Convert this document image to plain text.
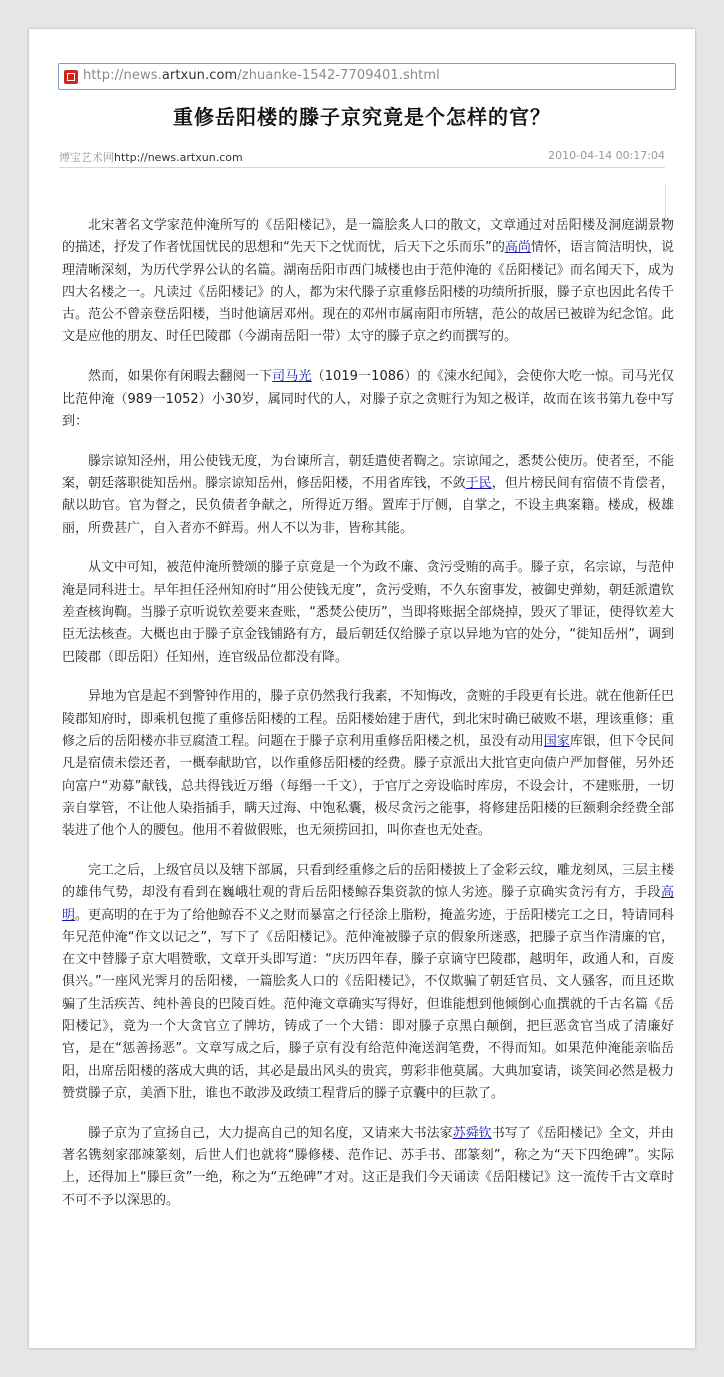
http://news.artxun.com/zhuanke-1542-7709401.shtml
重修岳阳楼的滕子京究竟是个怎样的官？
博宝艺术网http://news.artxun.com	2010-04-14 00:17:04

北宋著名文学家范仲淹所写的《岳阳楼记》，是一篇脍炙人口的散文，文章通过对岳阳楼及洞庭湖景物的描述，抒发了作者忧国忧民的思想和“先天下之忧而忧，后天下之乐而乐”的高尚情怀，语言简洁明快，说理清晰深刻，为历代学界公认的名篇。湖南岳阳市西门城楼也由于范仲淹的《岳阳楼记》而名闻天下，成为四大名楼之一。凡读过《岳阳楼记》的人，都为宋代滕子京重修岳阳楼的功绩所折服，滕子京也因此名传千古。范公不曾亲登岳阳楼，当时他谪居邓州。现在的邓州市属南阳市所辖，范公的故居已被辟为纪念馆。此文是应他的朋友、时任巴陵郡（今湖南岳阳一带）太守的滕子京之约而撰写的。

然而，如果你有闲暇去翻阅一下司马光（1019一1086）的《涑水纪闻》，会使你大吃一惊。司马光仅比范仲淹（989一1052）小30岁，属同时代的人，对滕子京之贪赃行为知之极详，故而在该书第九卷中写到：

滕宗谅知泾州，用公使钱无度，为台谏所言，朝廷遣使者鞫之。宗谅闻之，悉焚公使历。使者至，不能案，朝廷落职徙知岳州。滕宗谅知岳州，修岳阳楼，不用省库钱，不敛于民，但片榜民间有宿债不肯偿者，献以助官。官为督之，民负债者争献之，所得近万缗。置库于厅侧，自掌之，不设主典案籍。楼成，极雄丽，所费甚广，自入者亦不鲜焉。州人不以为非，皆称其能。

从文中可知，被范仲淹所赞颂的滕子京竟是一个为政不廉、贪污受贿的高手。滕子京，名宗谅，与范仲淹是同科进士。早年担任泾州知府时“用公使钱无度”，贪污受贿，不久东窗事发，被御史弹劾，朝廷派遣钦差查核询鞫。当滕子京听说钦差要来查账，“悉焚公使历”，当即将账据全部烧掉，毁灭了罪证，使得钦差大臣无法核查。大概也由于滕子京金钱铺路有方，最后朝廷仅给滕子京以异地为官的处分，“徙知岳州”，调到巴陵郡（即岳阳）任知州，连官级品位都没有降。

异地为官是起不到警钟作用的，滕子京仍然我行我素，不知悔改，贪赃的手段更有长进。就在他新任巴陵郡知府时，即乘机包揽了重修岳阳楼的工程。岳阳楼始建于唐代，到北宋时确已破败不堪，理该重修；重修之后的岳阳楼亦非豆腐渣工程。问题在于滕子京利用重修岳阳楼之机，虽没有动用国家库银，但下令民间凡是宿债未偿还者，一概奉献助官，以作重修岳阳楼的经费。滕子京派出大批官吏向债户严加督催，另外还向富户“劝募”献钱，总共得钱近万缗（每缗一千文），于官厅之旁设临时库房，不设会计，不建账册，一切亲自掌管，不让他人染指插手，瞒天过海、中饱私囊，极尽贪污之能事，将修建岳阳楼的巨额剩余经费全部装进了他个人的腰包。他用不着做假账，也无须捞回扣，叫你查也无处查。

完工之后，上级官员以及辖下部属，只看到经重修之后的岳阳楼披上了金彩云纹，雕龙刻凤，三层主楼的雄伟气势，却没有看到在巍峨壮观的背后岳阳楼鲸吞集资款的惊人劣迹。滕子京确实贪污有方，手段高明。更高明的在于为了给他鲸吞不义之财而暴富之行径涂上脂粉，掩盖劣迹，于岳阳楼完工之日，特请同科年兄范仲淹“作文以记之”，写下了《岳阳楼记》。范仲淹被滕子京的假象所迷惑，把滕子京当作清廉的官，在文中替滕子京大唱赞歌，文章开头即写道：“庆历四年春，滕子京谪守巴陵郡，越明年，政通人和，百废俱兴。”一座风光霁月的岳阳楼，一篇脍炙人口的《岳阳楼记》，不仅欺骗了朝廷官员、文人骚客，而且还欺骗了生活疾苦、纯朴善良的巴陵百姓。范仲淹文章确实写得好，但谁能想到他倾倒心血撰就的千古名篇《岳阳楼记》，竟为一个大贪官立了牌坊，铸成了一个大错：即对滕子京黑白颠倒，把巨恶贪官当成了清廉好官，是在“惩善扬恶”。文章写成之后，滕子京有没有给范仲淹送润笔费，不得而知。如果范仲淹能亲临岳阳，出席岳阳楼的落成大典的话，其必是最出风头的贵宾，剪彩非他莫属。大典加宴请，谈笑间必然是极力赞赏滕子京，美酒下肚，谁也不敢涉及政绩工程背后的滕子京囊中的巨款了。

滕子京为了宣扬自己，大力提高自己的知名度，又请来大书法家苏舜钦书写了《岳阳楼记》全文，并由著名镌刻家邵竦篆刻，后世人们也就将“滕修楼、范作记、苏手书、邵篆刻”，称之为“天下四绝碑”。实际上，还得加上“滕巨贪”一绝，称之为“五绝碑”才对。这正是我们今天诵读《岳阳楼记》这一流传千古文章时不可不予以深思的。
